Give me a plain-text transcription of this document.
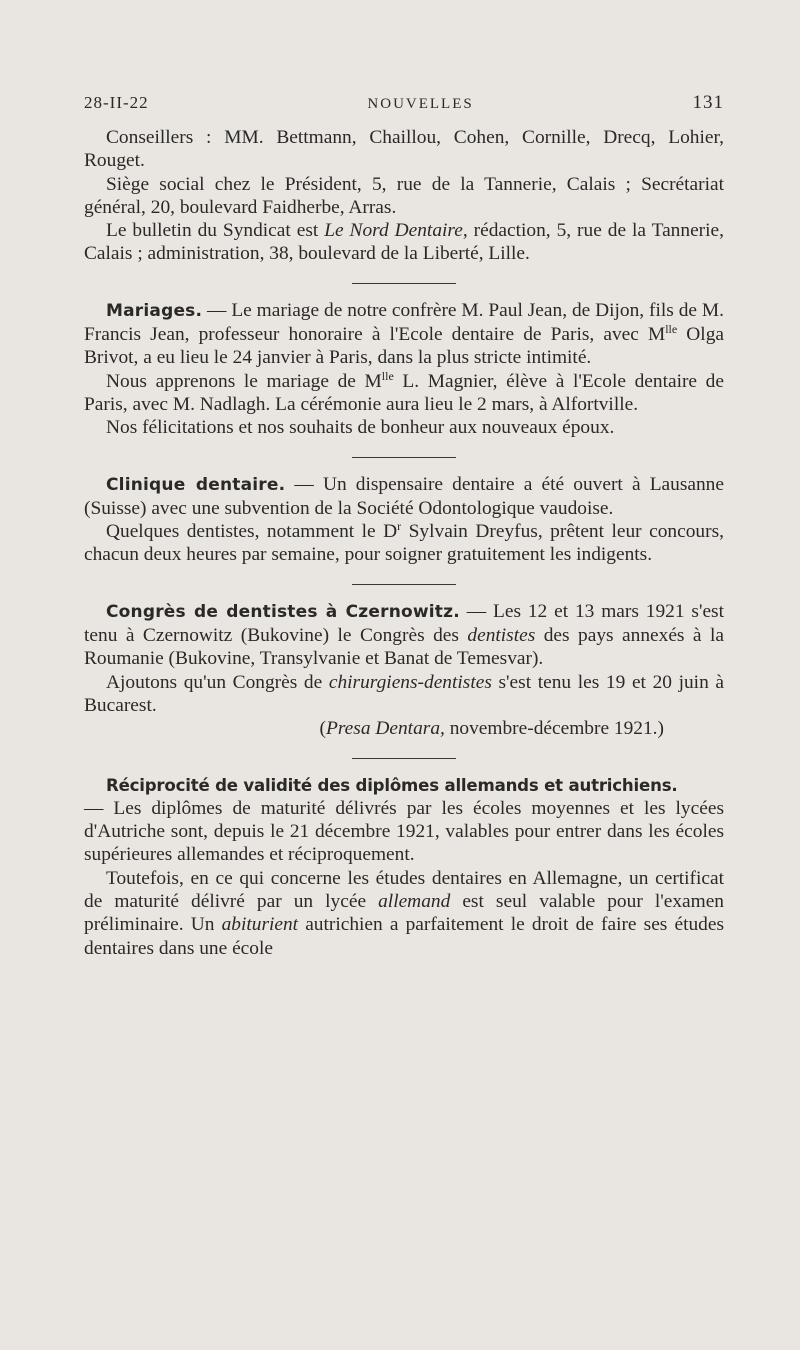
28-II-22	NOUVELLES	131

Conseillers : MM. Bettmann, Chaillou, Cohen, Cornille, Drecq, Lohier, Rouget.

Siège social chez le Président, 5, rue de la Tannerie, Calais ; Secrétariat général, 20, boulevard Faidherbe, Arras.

Le bulletin du Syndicat est Le Nord Dentaire, rédaction, 5, rue de la Tannerie, Calais ; administration, 38, boulevard de la Liberté, Lille.

Mariages. — Le mariage de notre confrère M. Paul Jean, de Dijon, fils de M. Francis Jean, professeur honoraire à l'Ecole dentaire de Paris, avec $M^{lle}$ Olga Brivot, a eu lieu le 24 janvier à Paris, dans la plus stricte intimité.

Nous apprenons le mariage de $M^{lle}$ L. Magnier, élève à l'Ecole dentaire de Paris, avec M. Nadlagh. La cérémonie aura lieu le 2 mars, à Alfortville.

Nos félicitations et nos souhaits de bonheur aux nouveaux époux.

Clinique dentaire. — Un dispensaire dentaire a été ouvert à Lausanne (Suisse) avec une subvention de la Société Odontologique vaudoise.

Quelques dentistes, notamment le $D^r$ Sylvain Dreyfus, prêtent leur concours, chacun deux heures par semaine, pour soigner gratuitement les indigents.

Congrès de dentistes à Czernowitz. — Les 12 et 13 mars 1921 s'est tenu à Czernowitz (Bukovine) le Congrès des dentistes des pays annexés à la Roumanie (Bukovine, Transylvanie et Banat de Temesvar).

Ajoutons qu'un Congrès de chirurgiens-dentistes s'est tenu les 19 et 20 juin à Bucarest.

(Presa Dentara, novembre-décembre 1921.)

Réciprocité de validité des diplômes allemands et autrichiens.

— Les diplômes de maturité délivrés par les écoles moyennes et les lycées d'Autriche sont, depuis le 21 décembre 1921, valables pour entrer dans les écoles supérieures allemandes et réciproquement.

Toutefois, en ce qui concerne les études dentaires en Allemagne, un certificat de maturité délivré par un lycée allemand est seul valable pour l'examen préliminaire. Un abiturient autrichien a parfaitement le droit de faire ses études dentaires dans une école
